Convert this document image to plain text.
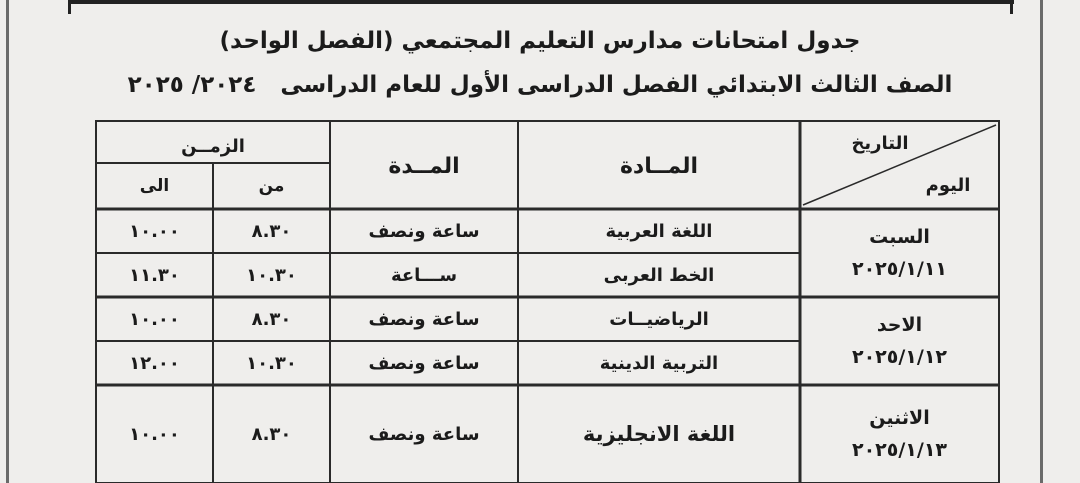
جدول امتحانات مدارس التعليم المجتمعي (الفصل الواحد)
الصف الثالث الابتدائي الفصل الدراسى الأول للعام الدراسى   ٢٠٢٤/ ٢٠٢٥
التاريخ
اليوم
المــادة
المــدة
الزمــن
من
الى
السبت
٢٠٢٥/١/١١
اللغة العربية
ساعة ونصف
٨.٣٠
١٠.٠٠
الخط العربى
ســـاعة
١٠.٣٠
١١.٣٠
الاحد
٢٠٢٥/١/١٢
الرياضيــات
ساعة ونصف
٨.٣٠
١٠.٠٠
التربية الدينية
ساعة ونصف
١٠.٣٠
١٢.٠٠
الاثنين
٢٠٢٥/١/١٣
اللغة الانجليزية
ساعة ونصف
٨.٣٠
١٠.٠٠
